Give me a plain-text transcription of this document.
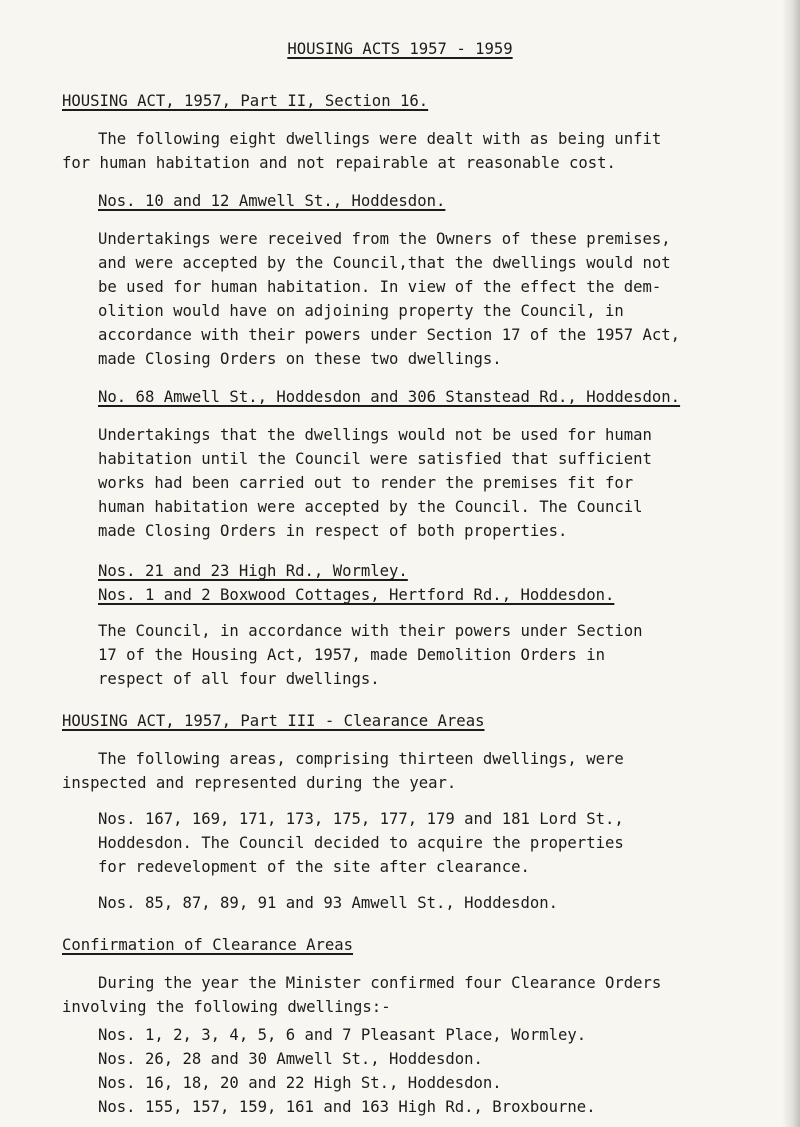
HOUSING ACTS 1957 - 1959
HOUSING ACT, 1957, Part II, Section 16.
The following eight dwellings were dealt with as being unfit
for human habitation and not repairable at reasonable cost.
Nos. 10 and 12 Amwell St., Hoddesdon.
Undertakings were received from the Owners of these premises,
and were accepted by the Council,that the dwellings would not
be used for human habitation. In view of the effect the dem-
olition would have on adjoining property the Council, in
accordance with their powers under Section 17 of the 1957 Act,
made Closing Orders on these two dwellings.
No. 68 Amwell St., Hoddesdon and 306 Stanstead Rd., Hoddesdon.
Undertakings that the dwellings would not be used for human
habitation until the Council were satisfied that sufficient
works had been carried out to render the premises fit for
human habitation were accepted by the Council. The Council
made Closing Orders in respect of both properties.
Nos. 21 and 23 High Rd., Wormley.
Nos. 1 and 2 Boxwood Cottages, Hertford Rd., Hoddesdon.
The Council, in accordance with their powers under Section
17 of the Housing Act, 1957, made Demolition Orders in
respect of all four dwellings.
HOUSING ACT, 1957, Part III - Clearance Areas
The following areas, comprising thirteen dwellings, were
inspected and represented during the year.
Nos. 167, 169, 171, 173, 175, 177, 179 and 181 Lord St.,
Hoddesdon. The Council decided to acquire the properties
for redevelopment of the site after clearance.
Nos. 85, 87, 89, 91 and 93 Amwell St., Hoddesdon.
Confirmation of Clearance Areas
During the year the Minister confirmed four Clearance Orders
involving the following dwellings:-
Nos. 1, 2, 3, 4, 5, 6 and 7 Pleasant Place, Wormley.
Nos. 26, 28 and 30 Amwell St., Hoddesdon.
Nos. 16, 18, 20 and 22 High St., Hoddesdon.
Nos. 155, 157, 159, 161 and 163 High Rd., Broxbourne.
